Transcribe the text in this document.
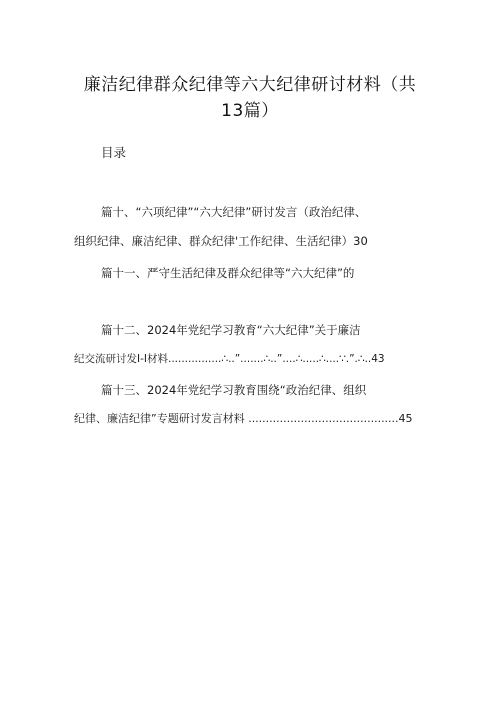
廉洁纪律群众纪律等六大纪律研讨材料（共
13篇）
目录
篇十、“六项纪律”“六大纪律”研讨发言（政治纪律、
组织纪律、廉洁纪律、群众纪律'工作纪律、生活纪律）30
篇十一、严守生活纪律及群众纪律等“六大纪律”的
篇十二、2024年党纪学习教育“六大纪律”关于廉洁
纪交流研讨发I-I材料................∴..”.......∴..”....∴.....∴....∵.”.∴..43
篇十三、2024年党纪学习教育围绕“政治纪律、组织
纪律、廉洁纪律”专题研讨发言材料 ...........................................45
